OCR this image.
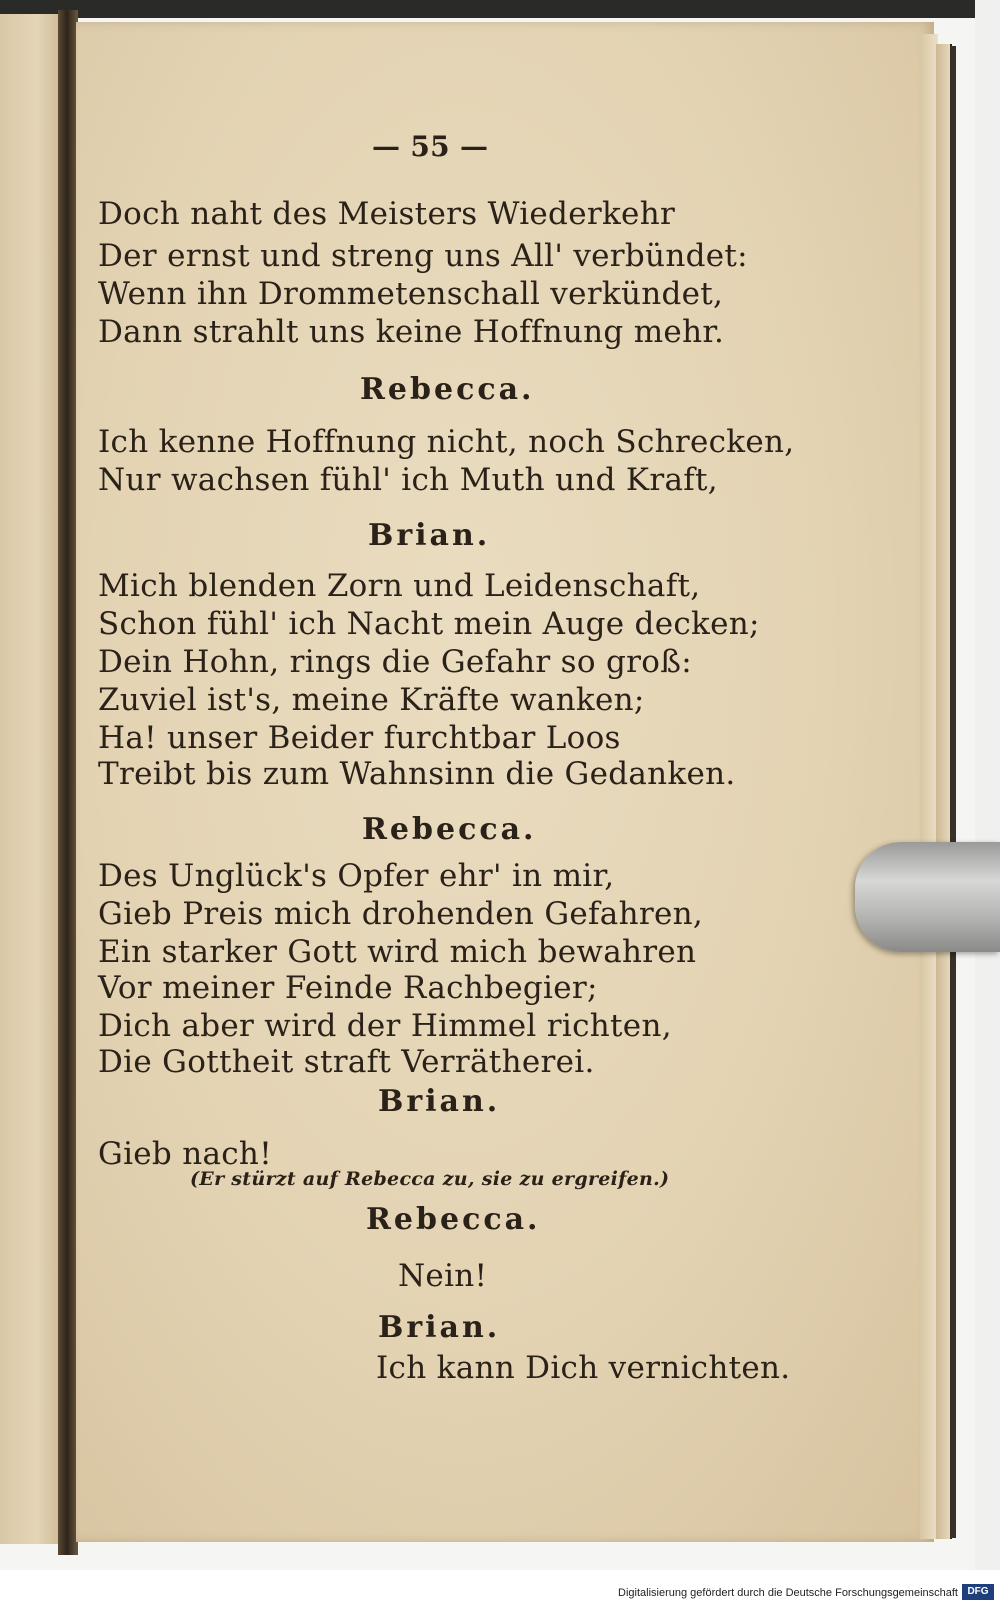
— 55 —
Doch naht des Meisters Wiederkehr
Der ernst und streng uns All' verbündet:
Wenn ihn Drommetenschall verkündet,
Dann strahlt uns keine Hoffnung mehr.
Rebecca.
Ich kenne Hoffnung nicht, noch Schrecken,
Nur wachsen fühl' ich Muth und Kraft,
Brian.
Mich blenden Zorn und Leidenschaft,
Schon fühl' ich Nacht mein Auge decken;
Dein Hohn, rings die Gefahr so groß:
Zuviel ist's, meine Kräfte wanken;
Ha! unser Beider furchtbar Loos
Treibt bis zum Wahnsinn die Gedanken.
Rebecca.
Des Unglück's Opfer ehr' in mir,
Gieb Preis mich drohenden Gefahren,
Ein starker Gott wird mich bewahren
Vor meiner Feinde Rachbegier;
Dich aber wird der Himmel richten,
Die Gottheit straft Verrätherei.
Brian.
Gieb nach!
(Er stürzt auf Rebecca zu, sie zu ergreifen.)
Rebecca.
Nein!
Brian.
Ich kann Dich vernichten.
Digitalisierung gefördert durch die Deutsche Forschungsgemeinschaft DFG
